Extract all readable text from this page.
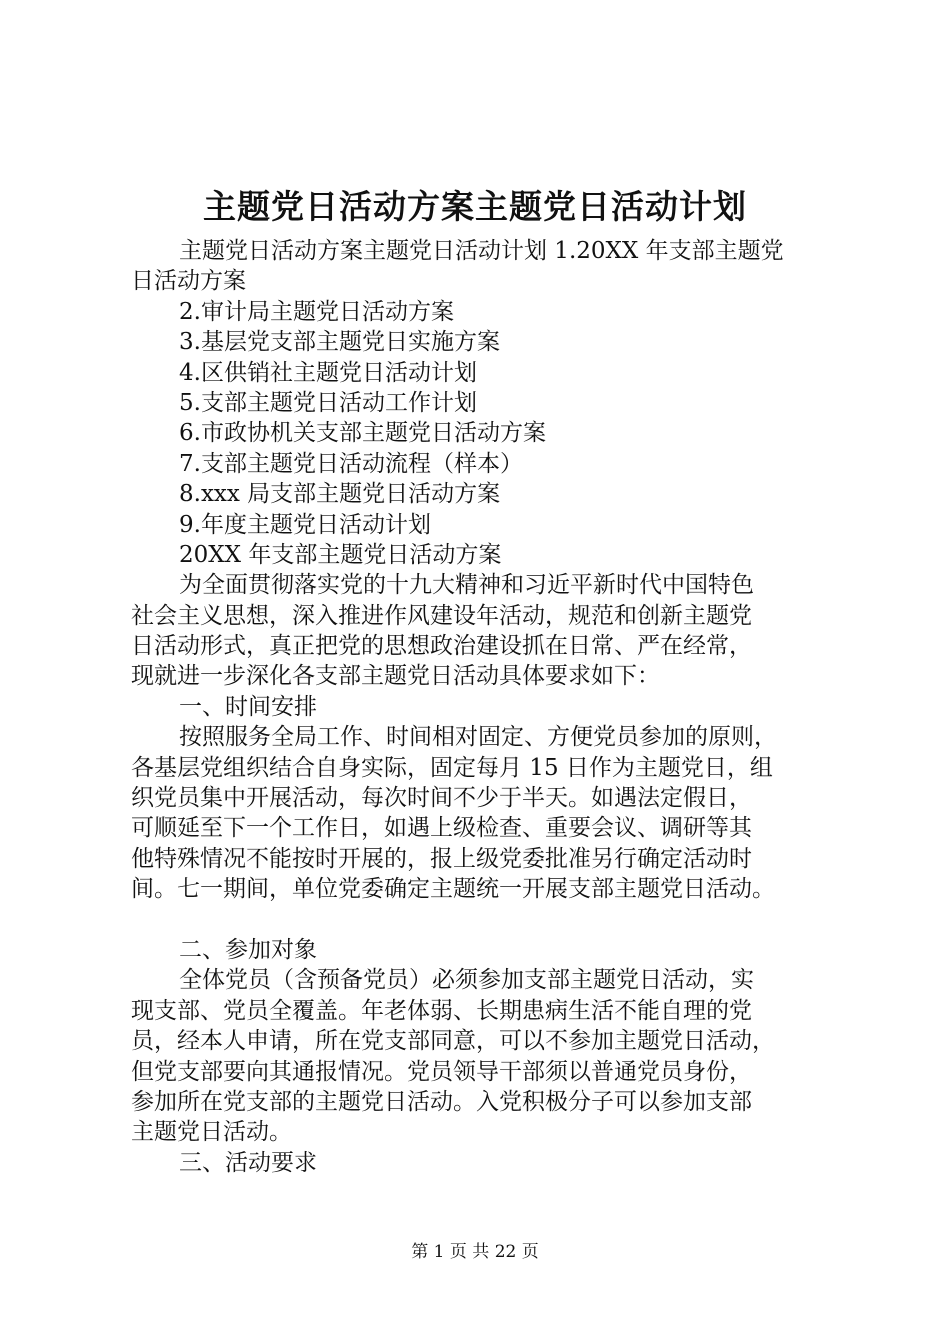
主题党日活动方案主题党日活动计划
主题党日活动方案主题党日活动计划 1.20XX 年支部主题党
日活动方案
2.审计局主题党日活动方案
3.基层党支部主题党日实施方案
4.区供销社主题党日活动计划
5.支部主题党日活动工作计划
6.市政协机关支部主题党日活动方案
7.支部主题党日活动流程（样本）
8.xxx 局支部主题党日活动方案
9.年度主题党日活动计划
20XX 年支部主题党日活动方案
为全面贯彻落实党的十九大精神和习近平新时代中国特色
社会主义思想，深入推进作风建设年活动，规范和创新主题党
日活动形式，真正把党的思想政治建设抓在日常、严在经常，
现就进一步深化各支部主题党日活动具体要求如下：
一、时间安排
按照服务全局工作、时间相对固定、方便党员参加的原则，
各基层党组织结合自身实际，固定每月 15 日作为主题党日，组
织党员集中开展活动，每次时间不少于半天。如遇法定假日，
可顺延至下一个工作日，如遇上级检查、重要会议、调研等其
他特殊情况不能按时开展的，报上级党委批准另行确定活动时
间。七一期间，单位党委确定主题统一开展支部主题党日活动。
二、参加对象
全体党员（含预备党员）必须参加支部主题党日活动，实
现支部、党员全覆盖。年老体弱、长期患病生活不能自理的党
员，经本人申请，所在党支部同意，可以不参加主题党日活动，
但党支部要向其通报情况。党员领导干部须以普通党员身份，
参加所在党支部的主题党日活动。入党积极分子可以参加支部
主题党日活动。
三、活动要求
第 1 页 共 22 页
